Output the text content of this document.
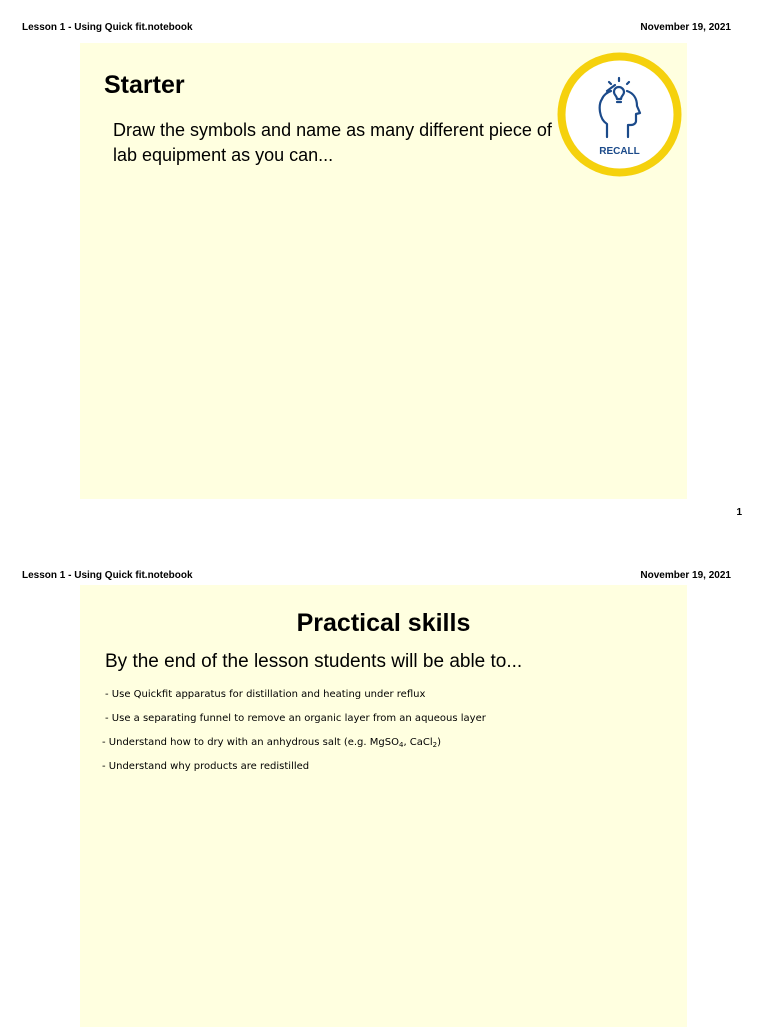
Lesson 1 - Using Quick fit.notebook	November 19, 2021
Starter
Draw the symbols and name as many different piece of lab equipment as you can...	RECALL
1
Lesson 1 - Using Quick fit.notebook	November 19, 2021
Practical skills
By the end of the lesson students will be able to...
- Use Quickfit apparatus for distillation and heating under reflux
- Use a separating funnel to remove an organic layer from an aqueous layer
- Understand how to dry with an anhydrous salt (e.g. MgSO$_4$, CaCl$_2$)
- Understand why products are redistilled
